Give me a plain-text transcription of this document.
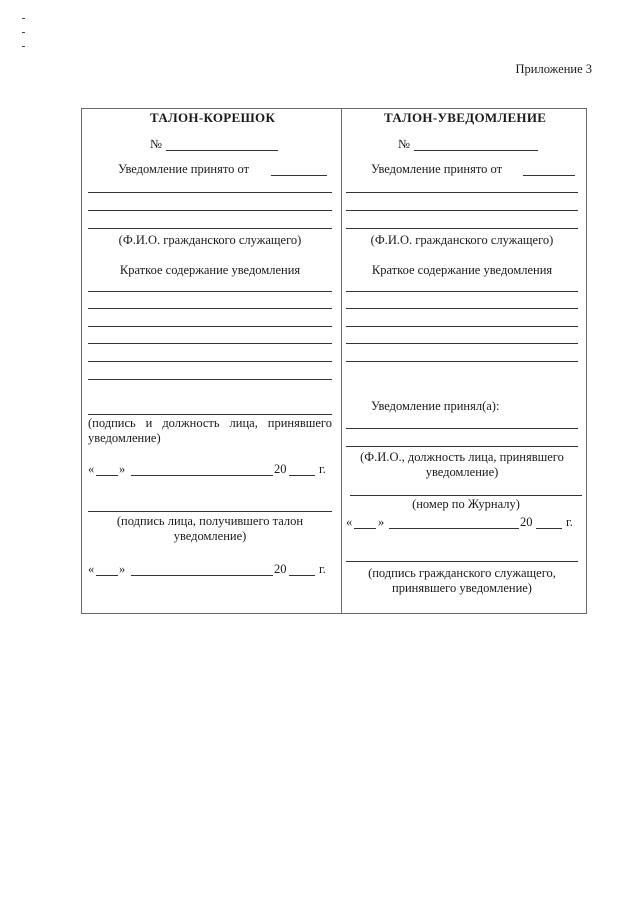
Приложение 3
ТАЛОН-КОРЕШОК
№
Уведомление принято от
(Ф.И.О. гражданского служащего)
Краткое содержание уведомления
(подпись и должность лица, принявшего уведомление)
« »	20	г.
(подпись лица, получившего талон
уведомление)
« »	20	г.
ТАЛОН-УВЕДОМЛЕНИЕ
№
Уведомление принято от
(Ф.И.О. гражданского служащего)
Краткое содержание уведомления
Уведомление принял(а):
(Ф.И.О., должность лица, принявшего
уведомление)
(номер по Журналу)
« »	20	г.
(подпись гражданского служащего,
принявшего уведомление)
